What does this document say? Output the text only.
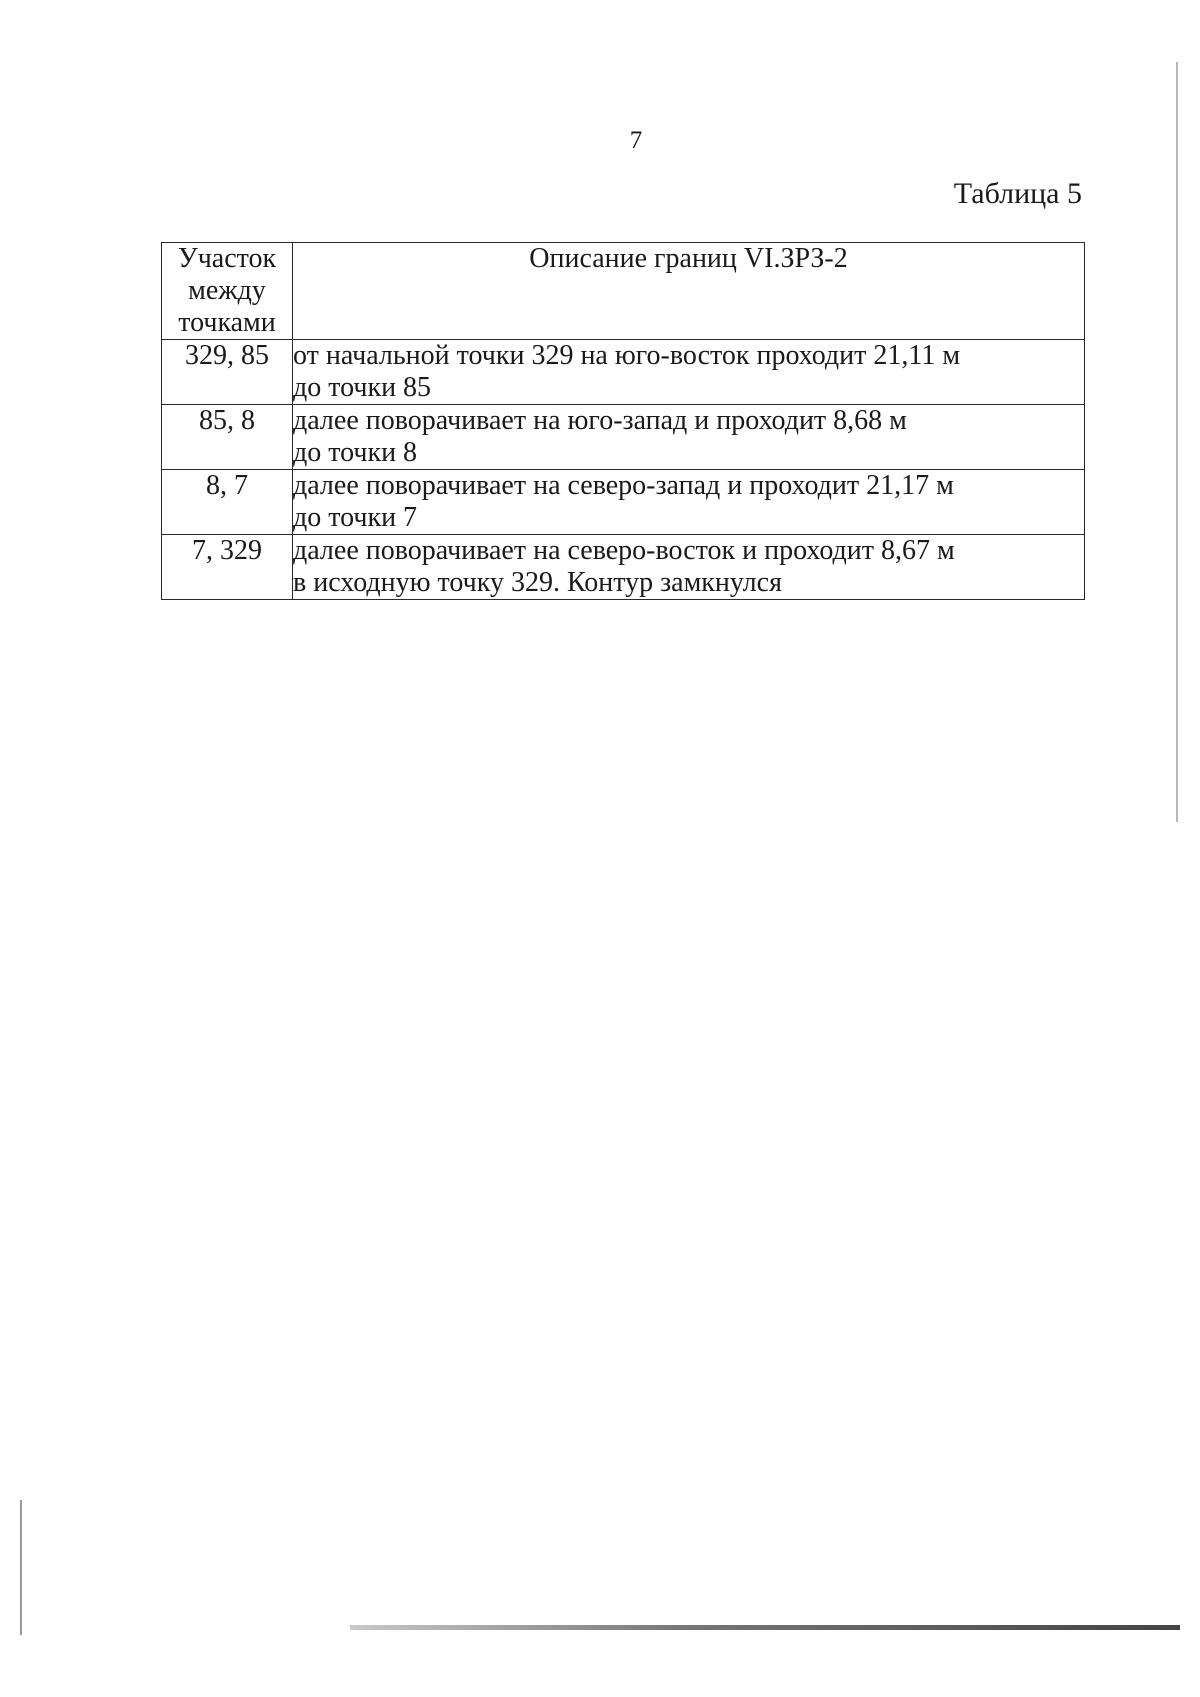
7
Таблица 5
Участок
между
точками	Описание границ VI.ЗРЗ-2
329, 85	от начальной точки 329 на юго-восток проходит 21,11 м
до точки 85

85, 8	далее поворачивает на юго-запад и проходит 8,68 м
до точки 8

8, 7	далее поворачивает на северо-запад и проходит 21,17 м
до точки 7

7, 329	далее поворачивает на северо-восток и проходит 8,67 м
в исходную точку 329. Контур замкнулся
